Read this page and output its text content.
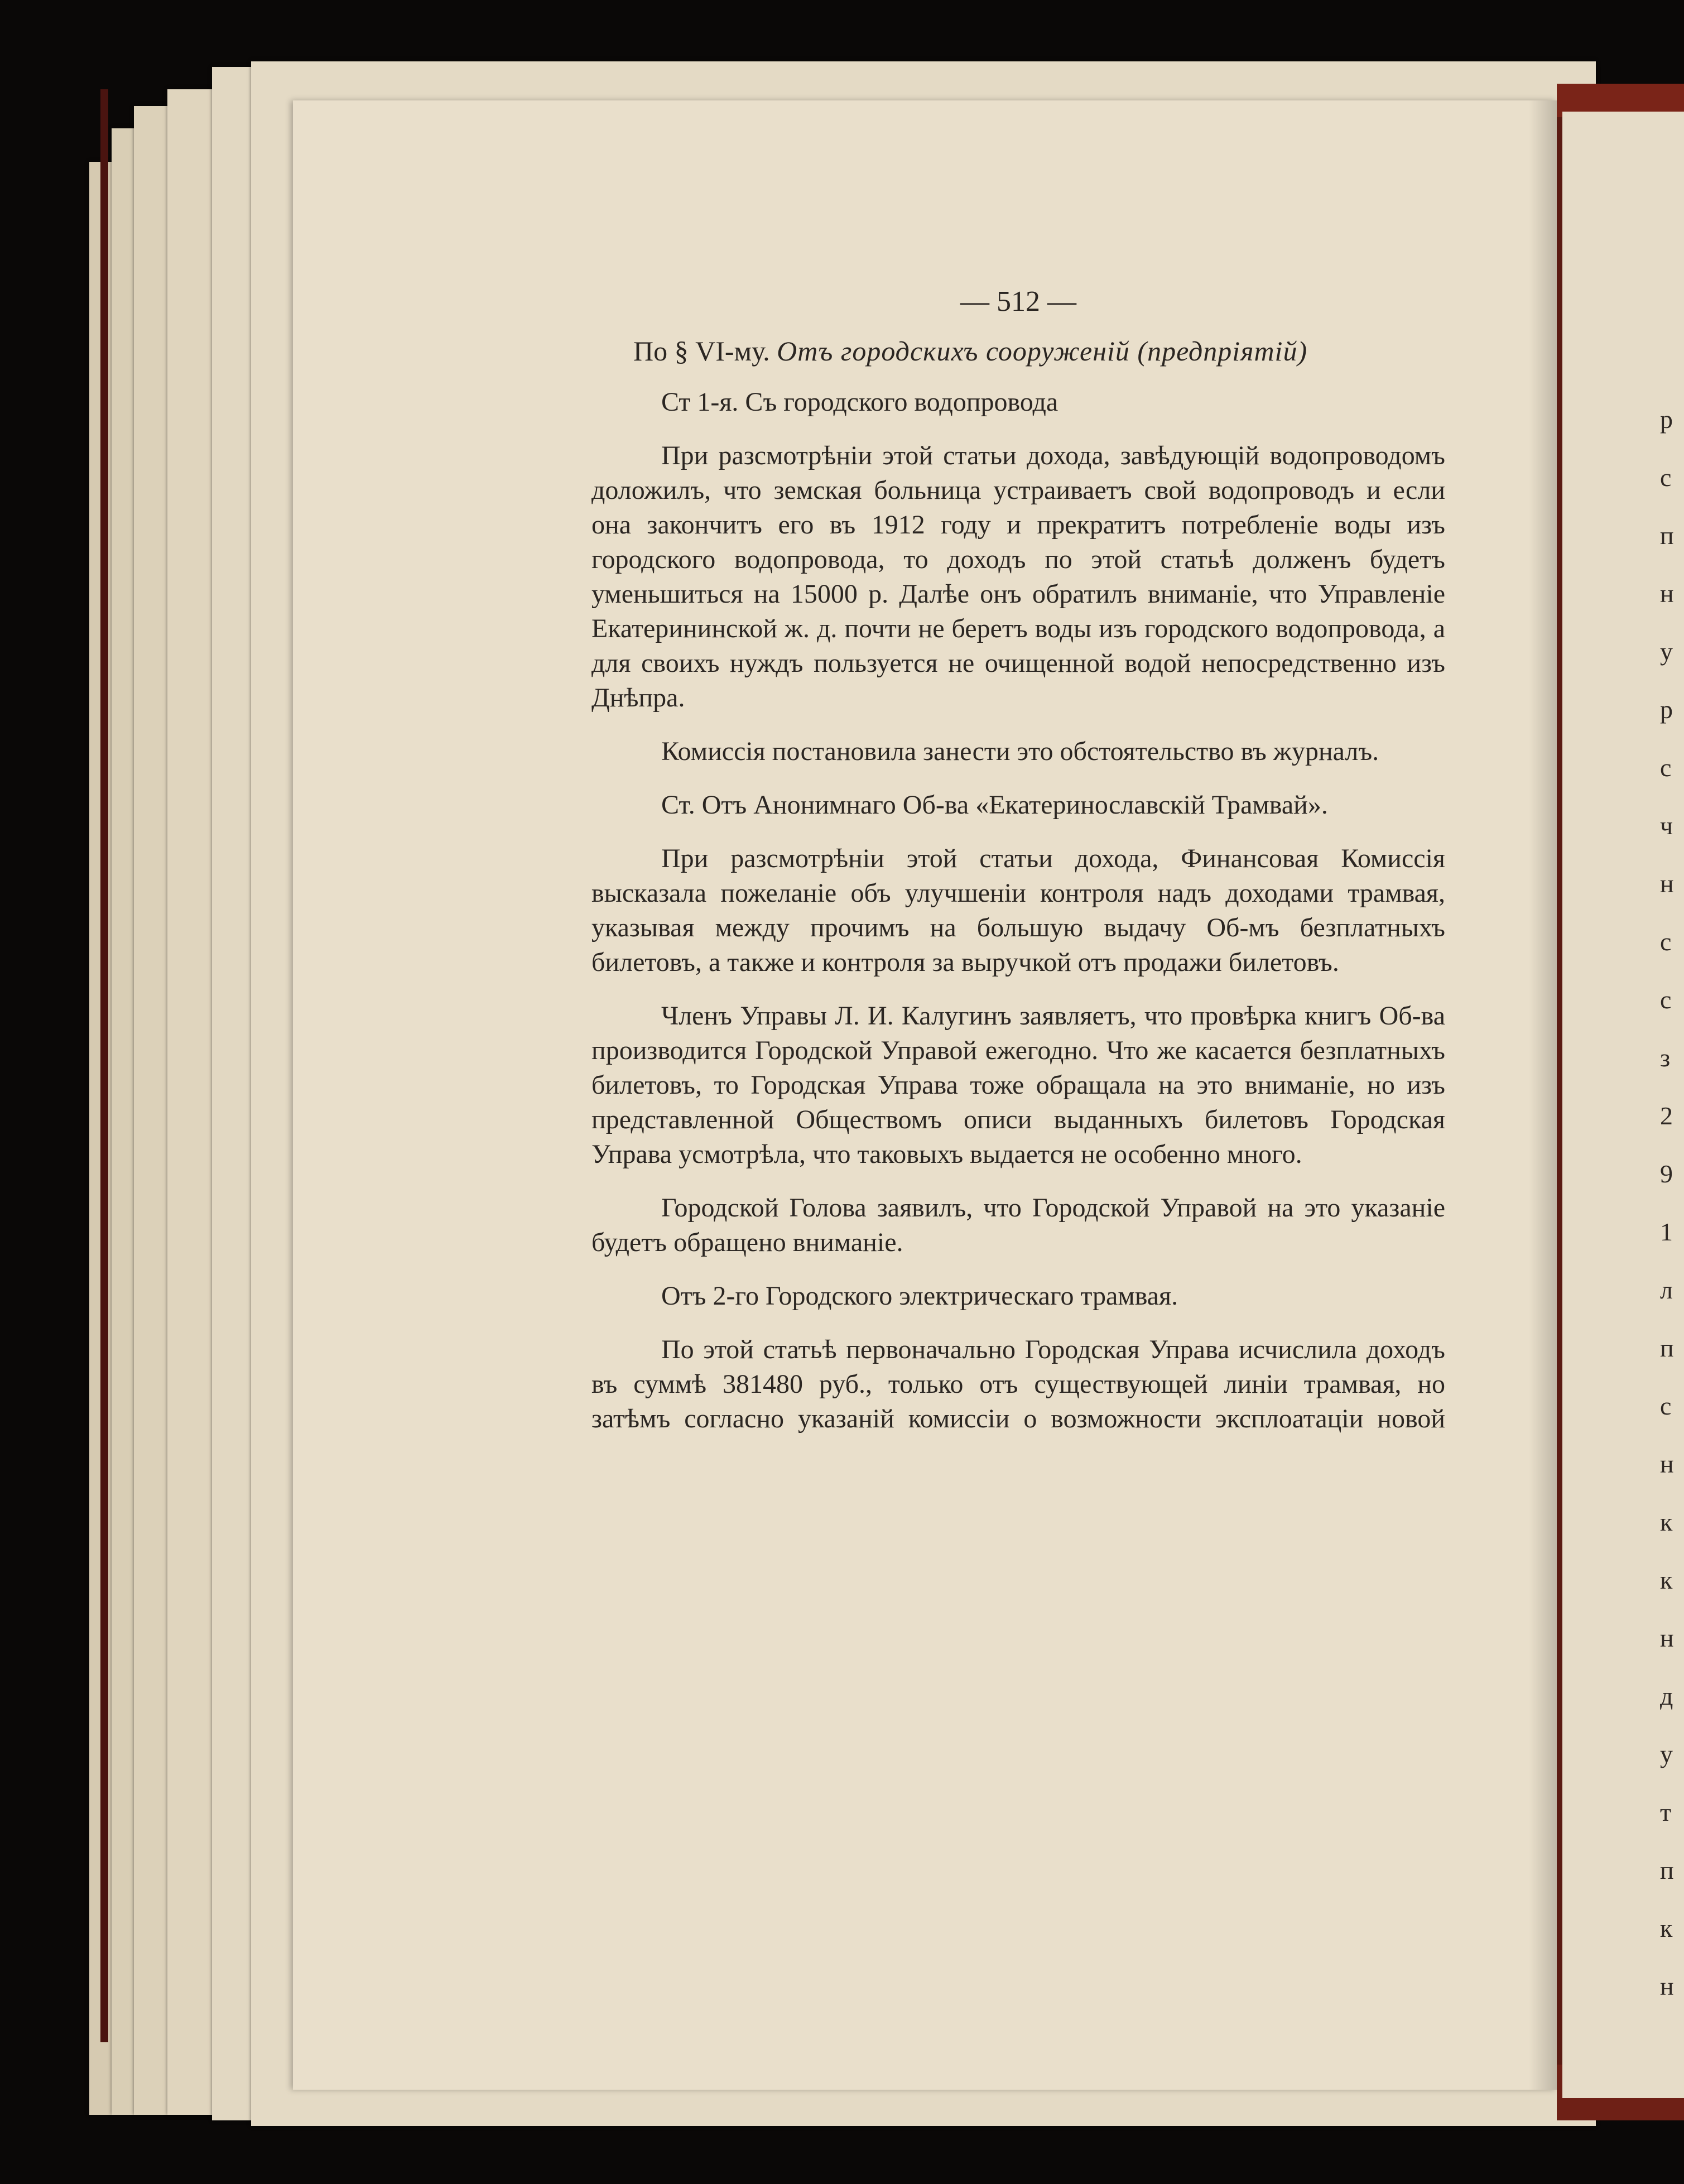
р
с
п
н
у
р
с
ч
н
с
с
з
2
9
1
л
п
с
н
к
к
н
д
у
т
п
к
н
— 512 —
По § VI-му. Отъ городскихъ сооруженій (предпріятій)
Ст 1-я. Съ городского водопровода

При разсмотрѣніи этой статьи дохода, завѣдующій водопроводомъ доложилъ, что земская больница устраиваетъ свой водопроводъ и если она закончитъ его въ 1912 году и прекратитъ потребленіе воды изъ городского водопровода, то доходъ по этой статьѣ долженъ будетъ уменьшиться на 15000 р. Далѣе онъ обратилъ вниманіе, что Управленіе Екатерининской ж. д. почти не беретъ воды изъ городского водопровода, а для своихъ нуждъ пользуется не очищенной водой непосредственно изъ Днѣпра.

Комиссія постановила занести это обстоятельство въ журналъ.

Ст. Отъ Анонимнаго Об-ва «Екатеринославскій Трамвай».

При разсмотрѣніи этой статьи дохода, Финансовая Комиссія высказала пожеланіе объ улучшеніи контроля надъ доходами трамвая, указывая между прочимъ на большую выдачу Об-мъ безплатныхъ билетовъ, а также и контроля за выручкой отъ продажи билетовъ.

Членъ Управы Л. И. Калугинъ заявляетъ, что провѣрка книгъ Об-ва производится Городской Управой ежегодно. Что же касается безплатныхъ билетовъ, то Городская Управа тоже обращала на это вниманіе, но изъ представленной Обществомъ описи выданныхъ билетовъ Городская Управа усмотрѣла, что таковыхъ выдается не особенно много.

Городской Голова заявилъ, что Городской Управой на это указаніе будетъ обращено вниманіе.

Отъ 2-го Городского электрическаго трамвая.

По этой статьѣ первоначально Городская Управа исчислила доходъ въ суммѣ 381480 руб., только отъ существующей линіи трамвая, но затѣмъ согласно указаній комиссіи о возможности эксплоатаціи новой
